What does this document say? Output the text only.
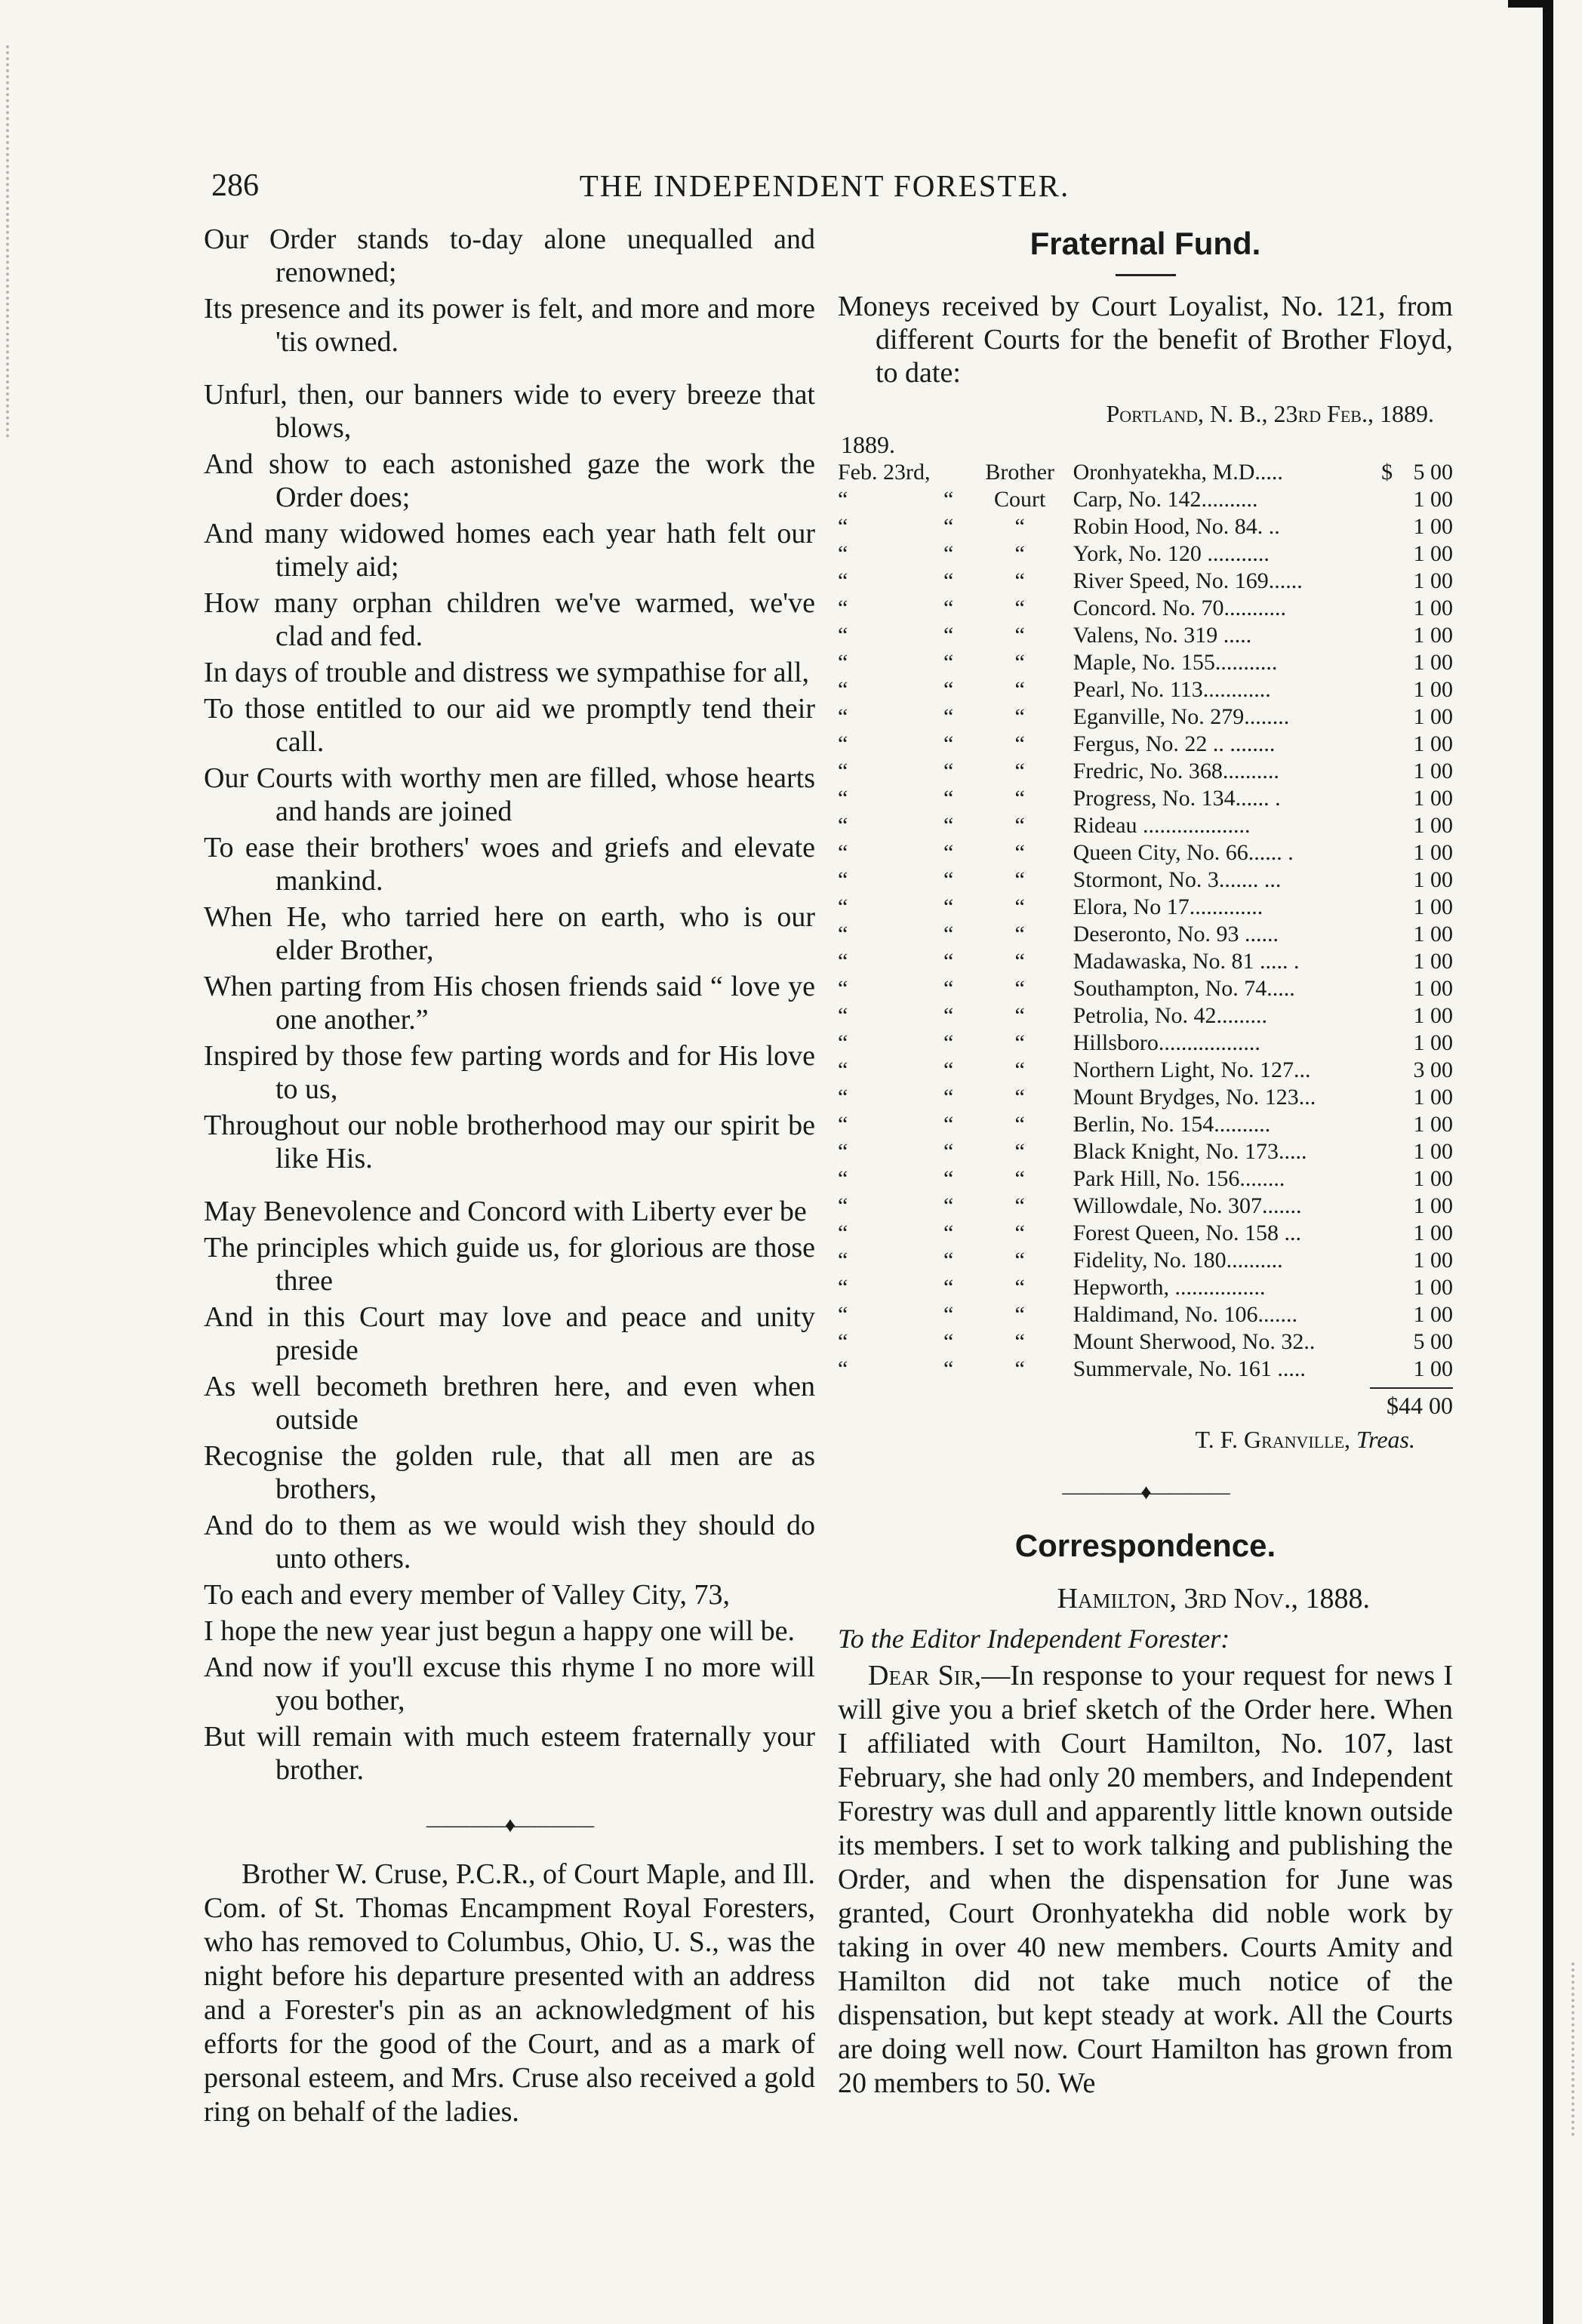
286	THE INDEPENDENT FORESTER.

Our Order stands to-day alone unequalled and renowned;

Its presence and its power is felt, and more and more 'tis owned.

Unfurl, then, our banners wide to every breeze that blows,

And show to each astonished gaze the work the Order does;

And many widowed homes each year hath felt our timely aid;

How many orphan children we've warmed, we've clad and fed.

In days of trouble and distress we sympathise for all,

To those entitled to our aid we promptly tend their call.

Our Courts with worthy men are filled, whose hearts and hands are joined

To ease their brothers' woes and griefs and elevate mankind.

When He, who tarried here on earth, who is our elder Brother,

When parting from His chosen friends said “ love ye one another.”

Inspired by those few parting words and for His love to us,

Throughout our noble brotherhood may our spirit be like His.

May Benevolence and Concord with Liberty ever be

The principles which guide us, for glorious are those three

And in this Court may love and peace and unity preside

As well becometh brethren here, and even when outside

Recognise the golden rule, that all men are as brothers,

And do to them as we would wish they should do unto others.

To each and every member of Valley City, 73,

I hope the new year just begun a happy one will be.

And now if you'll excuse this rhyme I no more will you bother,

But will remain with much esteem fraternally your brother.

————♦————

Brother W. Cruse, P.C.R., of Court Maple, and Ill. Com. of St. Thomas Encampment Royal Foresters, who has removed to Columbus, Ohio, U. S., was the night before his departure presented with an address and a Forester's pin as an acknowledgment of his efforts for the good of the Court, and as a mark of personal esteem, and Mrs. Cruse also received a gold ring on behalf of the ladies.

Fraternal Fund.

Moneys received by Court Loyalist, No. 121, from different Courts for the benefit of Brother Floyd, to date:

Portland, N. B., 23rd Feb., 1889.
1889.
Feb. 23rd,		Brother	Oronhyatekha, M.D.....	$	5 00
“	“	Court	Carp, No. 142..........		1 00
“	“	“	Robin Hood, No. 84. ..		1 00
“	“	“	York, No. 120 ...........		1 00
“	“	“	River Speed, No. 169......		1 00
“	“	“	Concord. No. 70...........		1 00
“	“	“	Valens, No. 319 .....		1 00
“	“	“	Maple, No. 155...........		1 00
“	“	“	Pearl, No. 113............		1 00
“	“	“	Eganville, No. 279........		1 00
“	“	“	Fergus, No. 22 .. ........		1 00
“	“	“	Fredric, No. 368..........		1 00
“	“	“	Progress, No. 134...... .		1 00
“	“	“	Rideau ...................		1 00
“	“	“	Queen City, No. 66...... .		1 00
“	“	“	Stormont, No. 3....... ...		1 00
“	“	“	Elora, No 17.............		1 00
“	“	“	Deseronto, No. 93 ......		1 00
“	“	“	Madawaska, No. 81 ..... .		1 00
“	“	“	Southampton, No. 74.....		1 00
“	“	“	Petrolia, No. 42.........		1 00
“	“	“	Hillsboro..................		1 00
“	“	“	Northern Light, No. 127...		3 00
“	“	“	Mount Brydges, No. 123...		1 00
“	“	“	Berlin, No. 154..........		1 00
“	“	“	Black Knight, No. 173.....		1 00
“	“	“	Park Hill, No. 156........		1 00
“	“	“	Willowdale, No. 307.......		1 00
“	“	“	Forest Queen, No. 158 ...		1 00
“	“	“	Fidelity, No. 180..........		1 00
“	“	“	Hepworth, ................		1 00
“	“	“	Haldimand, No. 106.......		1 00
“	“	“	Mount Sherwood, No. 32..		5 00
“	“	“	Summervale, No. 161 .....		1 00
$44 00
T. F. Granville, Treas.
————♦————
Correspondence.
Hamilton, 3rd Nov., 1888.
To the Editor Independent Forester:

Dear Sir,—In response to your request for news I will give you a brief sketch of the Order here. When I affiliated with Court Hamilton, No. 107, last February, she had only 20 members, and Independent Forestry was dull and apparently little known outside its members. I set to work talking and publishing the Order, and when the dispensation for June was granted, Court Oronhyatekha did noble work by taking in over 40 new members. Courts Amity and Hamilton did not take much notice of the dispensation, but kept steady at work. All the Courts are doing well now. Court Hamilton has grown from 20 members to 50. We
